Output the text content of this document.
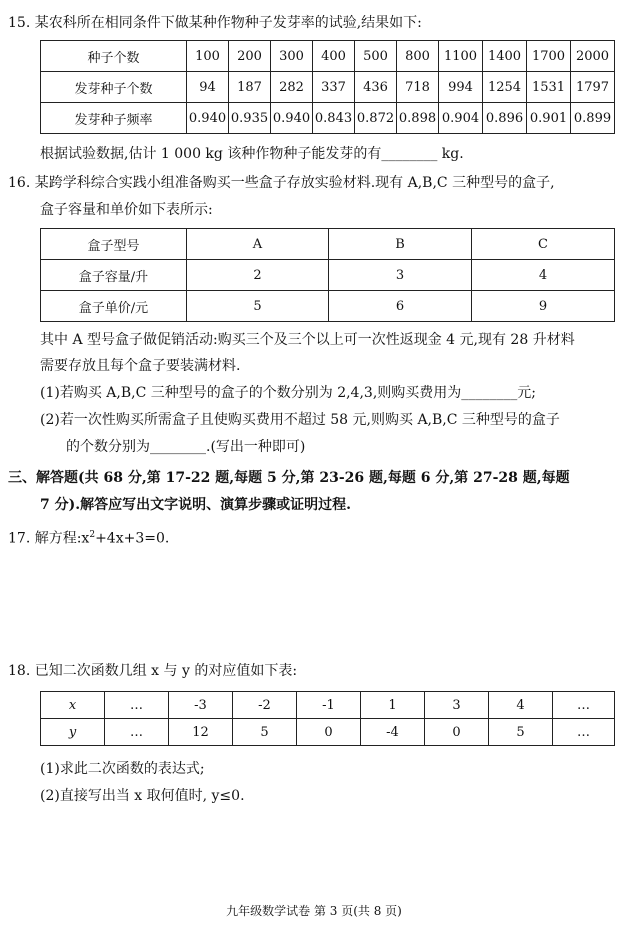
15. 某农科所在相同条件下做某种作物种子发芽率的试验,结果如下:
种子个数	100	200	300	400	500	800	1100	1400	1700	2000
发芽种子个数	94	187	282	337	436	718	994	1254	1531	1797
发芽种子频率	0.940	0.935	0.940	0.843	0.872	0.898	0.904	0.896	0.901	0.899
根据试验数据,估计 1 000 kg 该种作物种子能发芽的有________ kg.
16. 某跨学科综合实践小组准备购买一些盒子存放实验材料.现有 A,B,C 三种型号的盒子,
盒子容量和单价如下表所示:
盒子型号	A	B	C
盒子容量/升	2	3	4
盒子单价/元	5	6	9
其中 A 型号盒子做促销活动:购买三个及三个以上可一次性返现金 4 元,现有 28 升材料
需要存放且每个盒子要装满材料.
(1)若购买 A,B,C 三种型号的盒子的个数分别为 2,4,3,则购买费用为________元;
(2)若一次性购买所需盒子且使购买费用不超过 58 元,则购买 A,B,C 三种型号的盒子
的个数分别为________.(写出一种即可)
三、解答题(共 68 分,第 17-22 题,每题 5 分,第 23-26 题,每题 6 分,第 27-28 题,每题
7 分).解答应写出文字说明、演算步骤或证明过程.
17. 解方程$:x^2+4x+3=0$.
18. 已知二次函数几组 x 与 y 的对应值如下表:
x	…	-3	-2	-1	1	3	4	…
y	…	12	5	0	-4	0	5	…
(1)求此二次函数的表达式;
(2)直接写出当 x 取何值时, y≤0.
九年级数学试卷 第 3 页(共 8 页)
